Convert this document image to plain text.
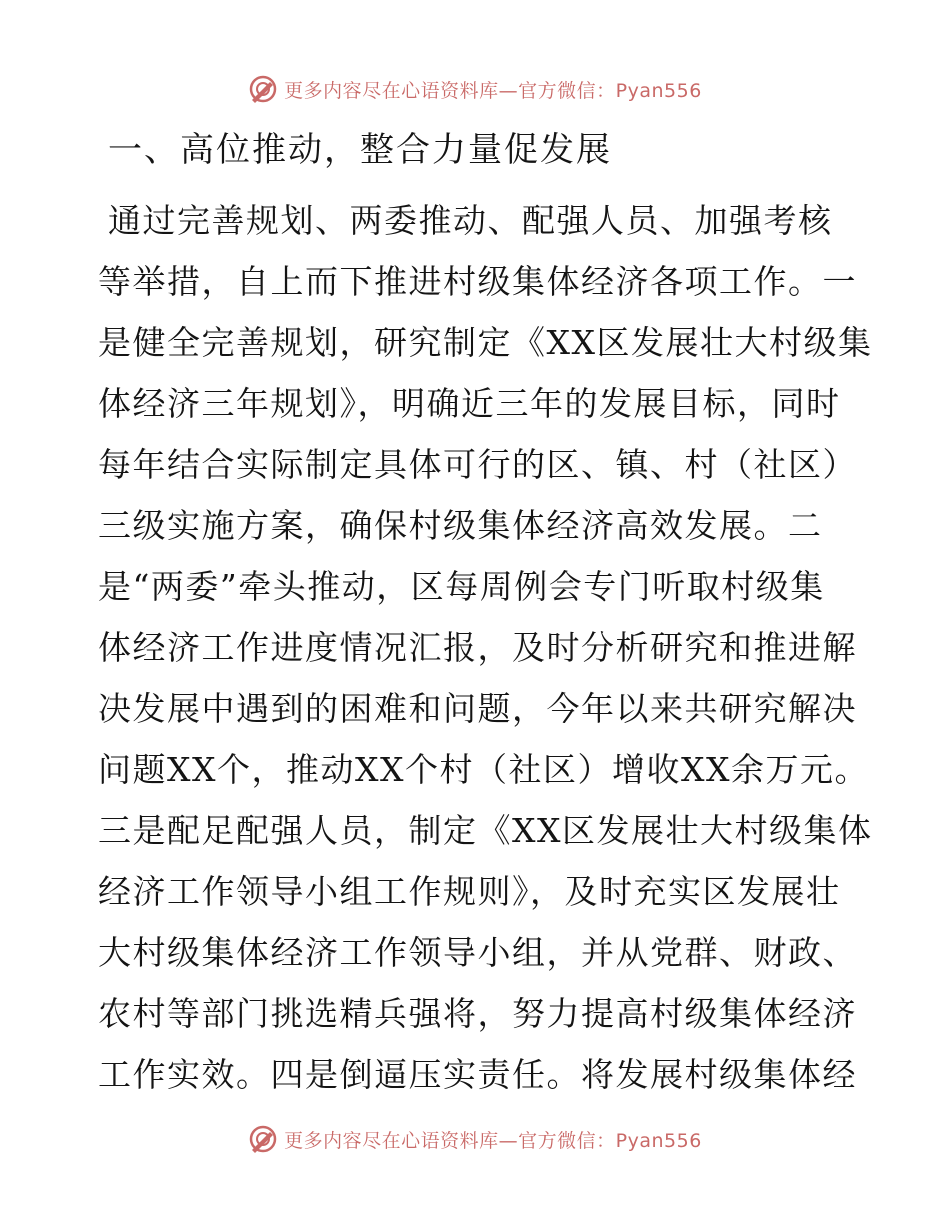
更多内容尽在心语资料库—官方微信：Pyan556
一、高位推动，整合力量促发展
通过完善规划、两委推动、配强人员、加强考核
等举措，自上而下推进村级集体经济各项工作。一
是健全完善规划，研究制定《XX区发展壮大村级集
体经济三年规划》，明确近三年的发展目标，同时
每年结合实际制定具体可行的区、镇、村（社区）
三级实施方案，确保村级集体经济高效发展。二
是“两委”牵头推动，区每周例会专门听取村级集
体经济工作进度情况汇报，及时分析研究和推进解
决发展中遇到的困难和问题，今年以来共研究解决
问题XX个，推动XX个村（社区）增收XX余万元。
三是配足配强人员，制定《XX区发展壮大村级集体
经济工作领导小组工作规则》，及时充实区发展壮
大村级集体经济工作领导小组，并从党群、财政、
农村等部门挑选精兵强将，努力提高村级集体经济
工作实效。四是倒逼压实责任。将发展村级集体经
更多内容尽在心语资料库—官方微信：Pyan556
